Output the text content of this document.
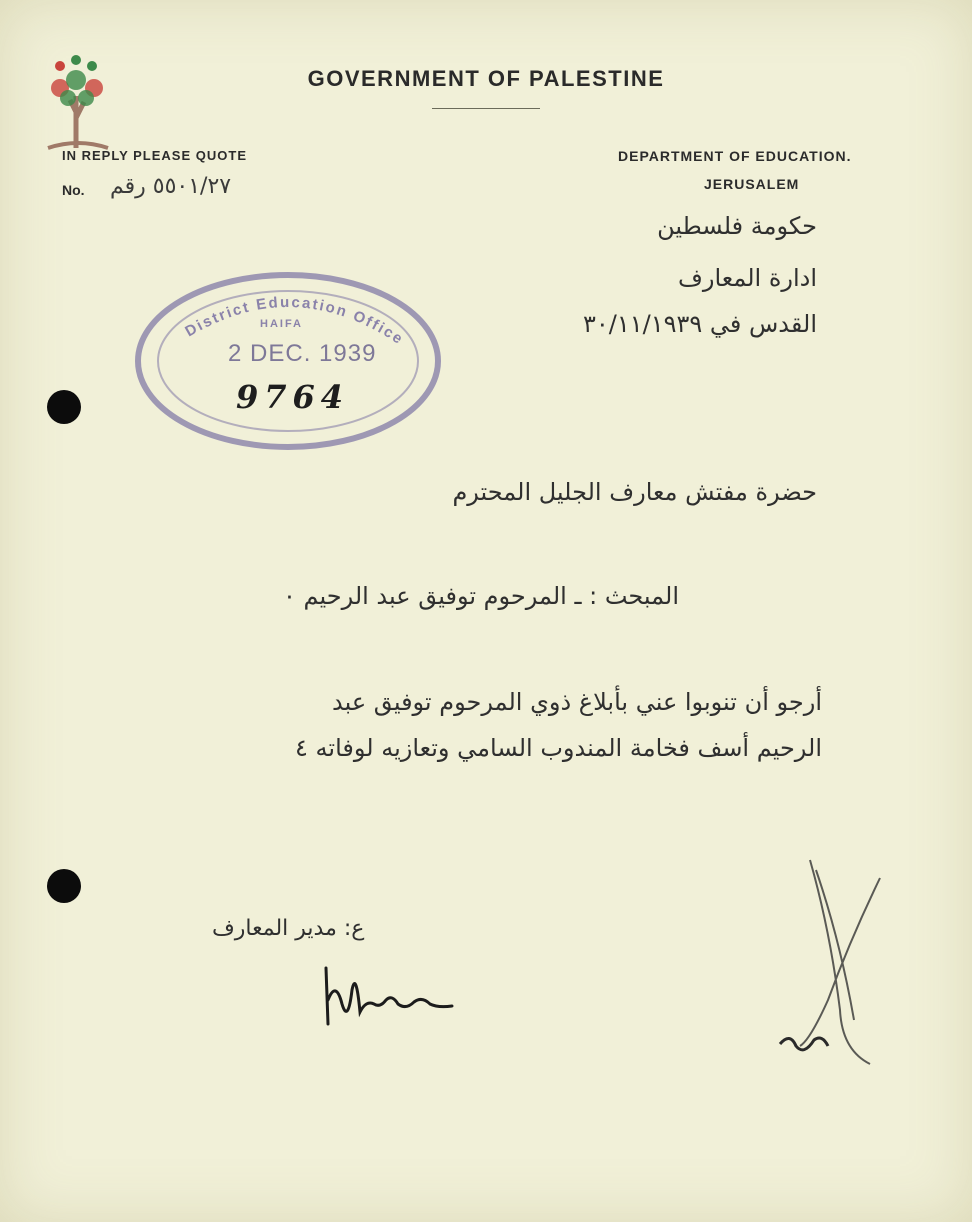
GOVERNMENT OF PALESTINE
IN REPLY PLEASE QUOTE
No. ٥٥٠١/٢٧ رقم
DEPARTMENT OF EDUCATION.
JERUSALEM
حكومة فلسطين
ادارة المعارف
القدس في ٣٠/١١/١٩٣٩
District Education Office
HAIFA
2 DEC. 1939
9764
حضرة مفتش معارف الجليل المحترم
المبحث : ـ المرحوم توفيق عبد الرحيم ٠
أرجو أن تنوبوا عني بأبلاغ ذوي المرحوم توفيق عبد
الرحيم أسف فخامة المندوب السامي وتعازيه لوفاته ٤
ع: مدير المعارف
